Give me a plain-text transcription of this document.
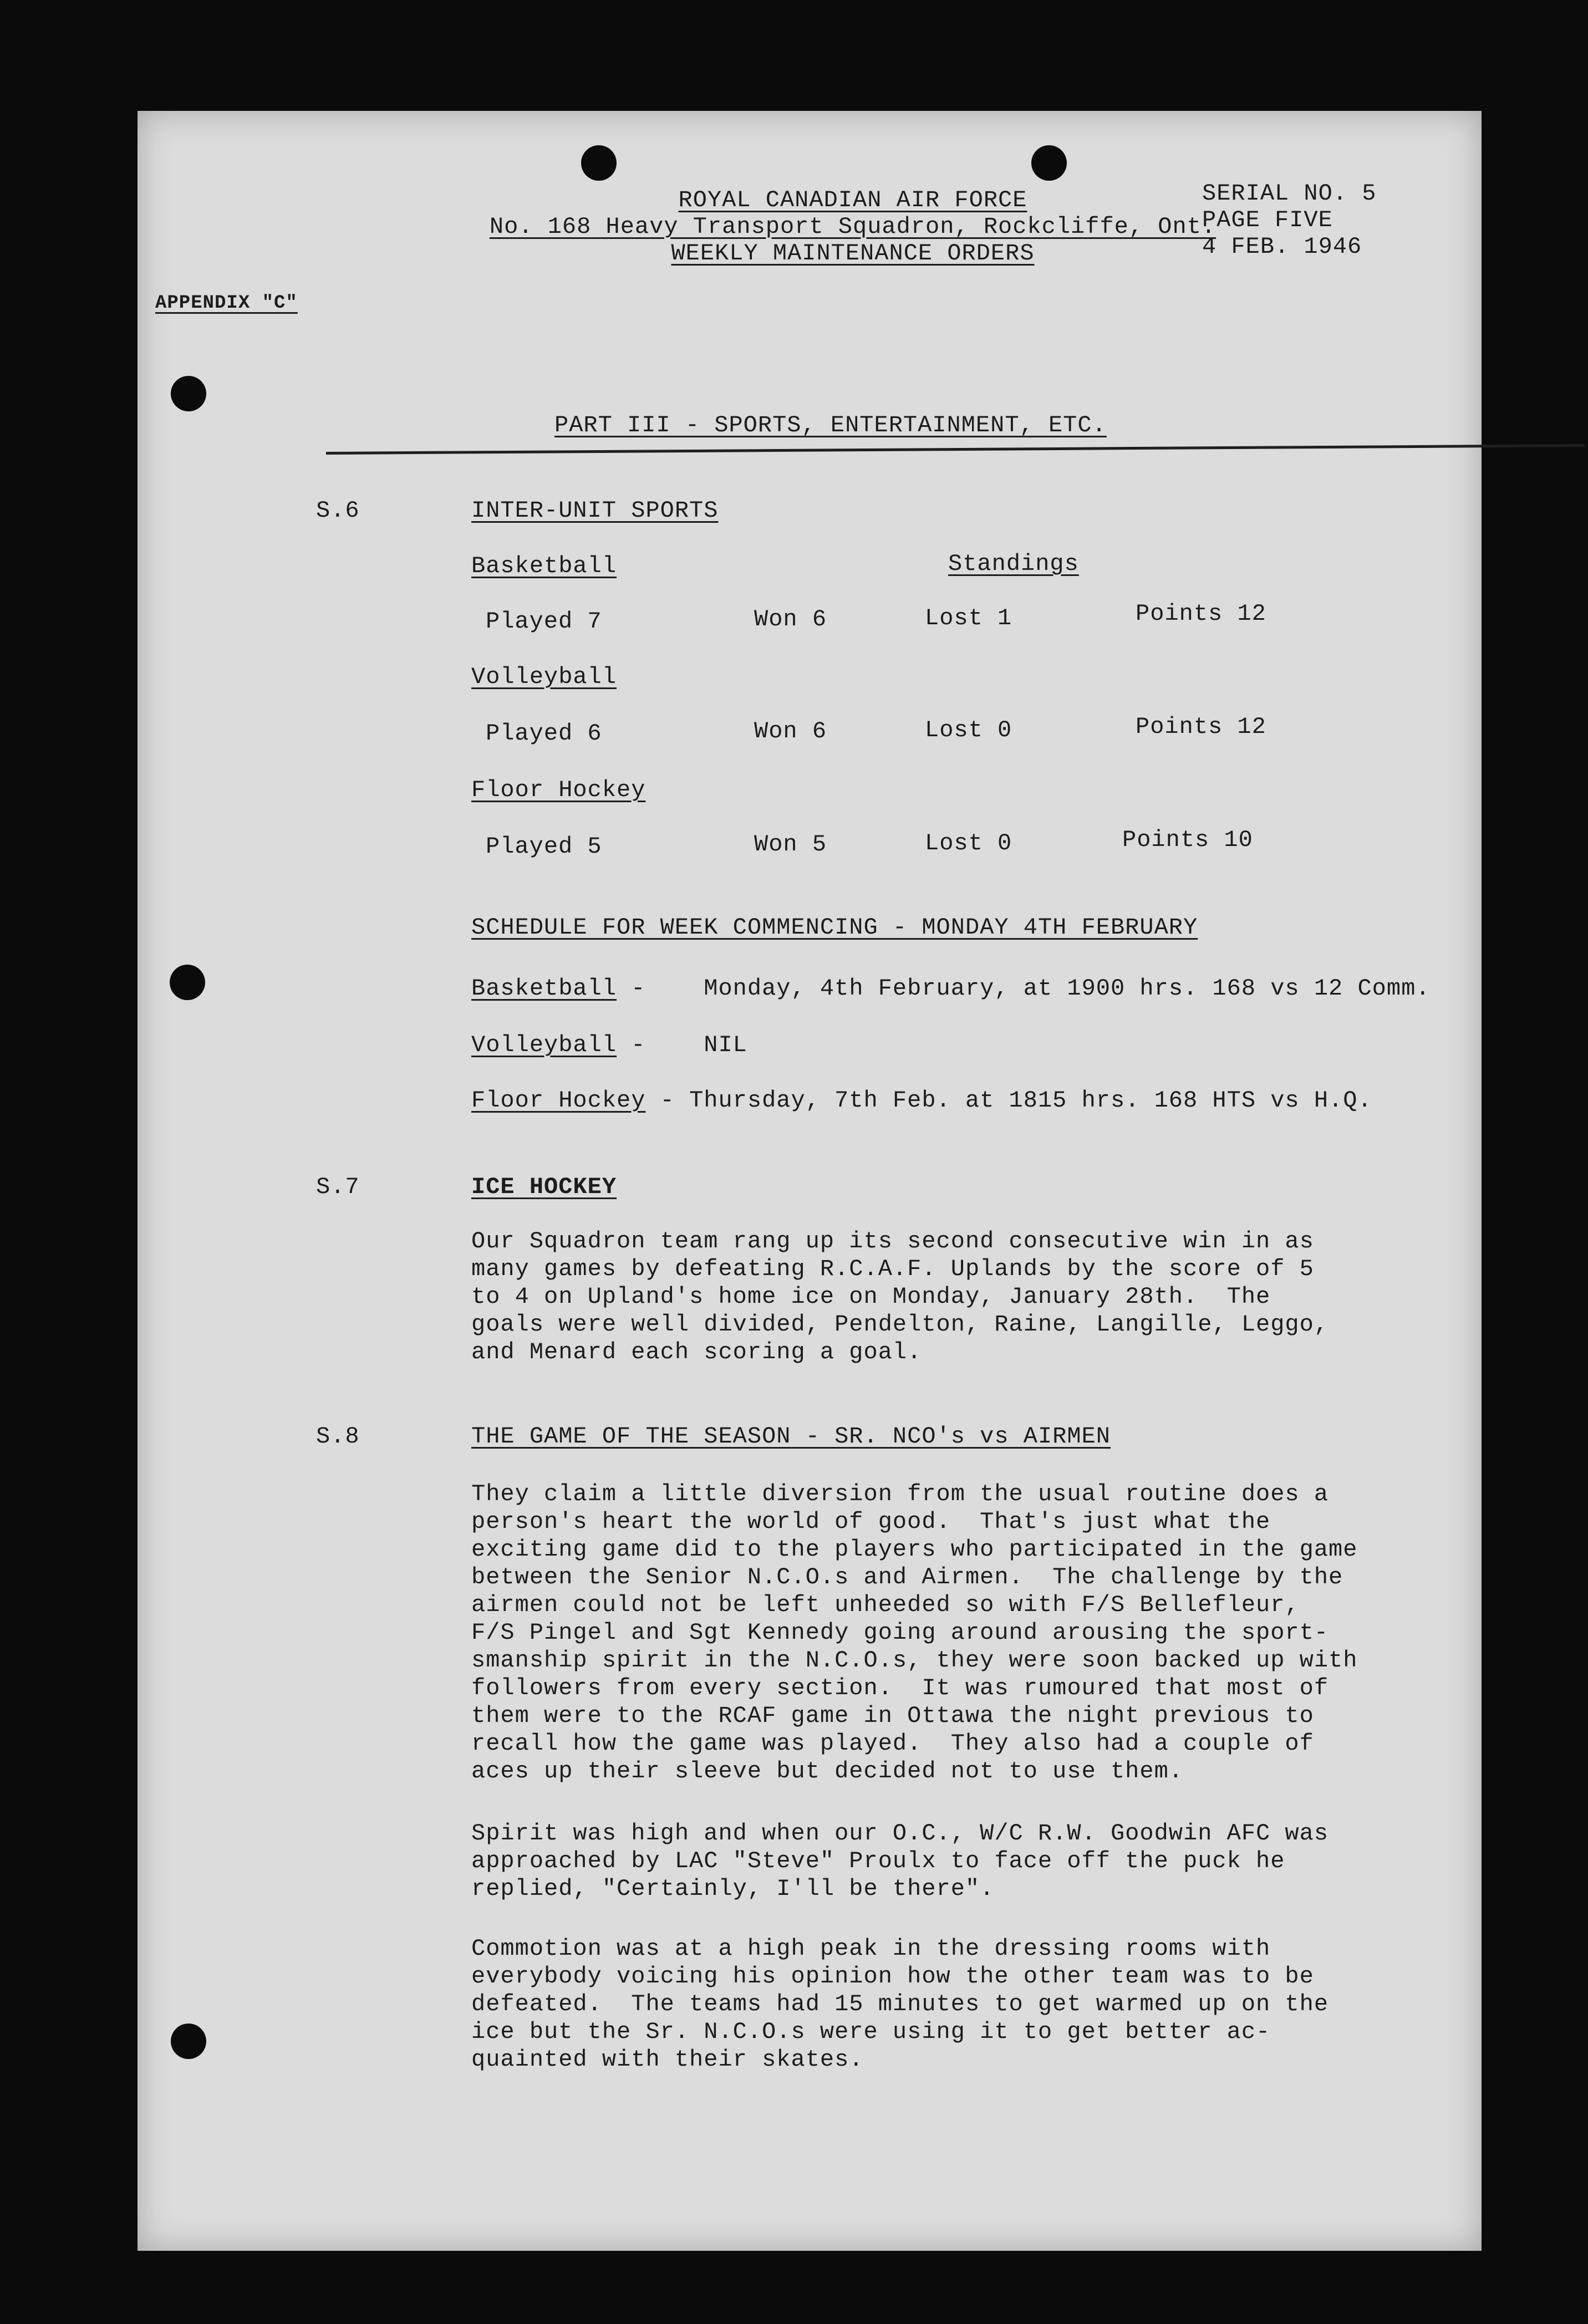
ROYAL CANADIAN AIR FORCE
No. 168 Heavy Transport Squadron, Rockcliffe, Ont.
WEEKLY MAINTENANCE ORDERS
SERIAL NO. 5
PAGE FIVE
4 FEB. 1946
APPENDIX "C"
PART III - SPORTS, ENTERTAINMENT, ETC.
S.6	INTER-UNIT SPORTS
Basketball	Standings
Played 7	Won 6	Lost 1	Points 12
Volleyball
Played 6	Won 6	Lost 0	Points 12
Floor Hockey
Played 5	Won 5	Lost 0	Points 10
SCHEDULE FOR WEEK COMMENCING - MONDAY 4TH FEBRUARY
Basketball -    Monday, 4th February, at 1900 hrs. 168 vs 12 Comm.
Volleyball -    NIL
Floor Hockey - Thursday, 7th Feb. at 1815 hrs. 168 HTS vs H.Q.
S.7	ICE HOCKEY
Our Squadron team rang up its second consecutive win in as
many games by defeating R.C.A.F. Uplands by the score of 5
to 4 on Upland's home ice on Monday, January 28th.  The
goals were well divided, Pendelton, Raine, Langille, Leggo,
and Menard each scoring a goal.
S.8	THE GAME OF THE SEASON - SR. NCO's vs AIRMEN
They claim a little diversion from the usual routine does a
person's heart the world of good.  That's just what the
exciting game did to the players who participated in the game
between the Senior N.C.O.s and Airmen.  The challenge by the
airmen could not be left unheeded so with F/S Bellefleur,
F/S Pingel and Sgt Kennedy going around arousing the sport-
smanship spirit in the N.C.O.s, they were soon backed up with
followers from every section.  It was rumoured that most of
them were to the RCAF game in Ottawa the night previous to
recall how the game was played.  They also had a couple of
aces up their sleeve but decided not to use them.
Spirit was high and when our O.C., W/C R.W. Goodwin AFC was
approached by LAC "Steve" Proulx to face off the puck he
replied, "Certainly, I'll be there".
Commotion was at a high peak in the dressing rooms with
everybody voicing his opinion how the other team was to be
defeated.  The teams had 15 minutes to get warmed up on the
ice but the Sr. N.C.O.s were using it to get better ac-
quainted with their skates.
